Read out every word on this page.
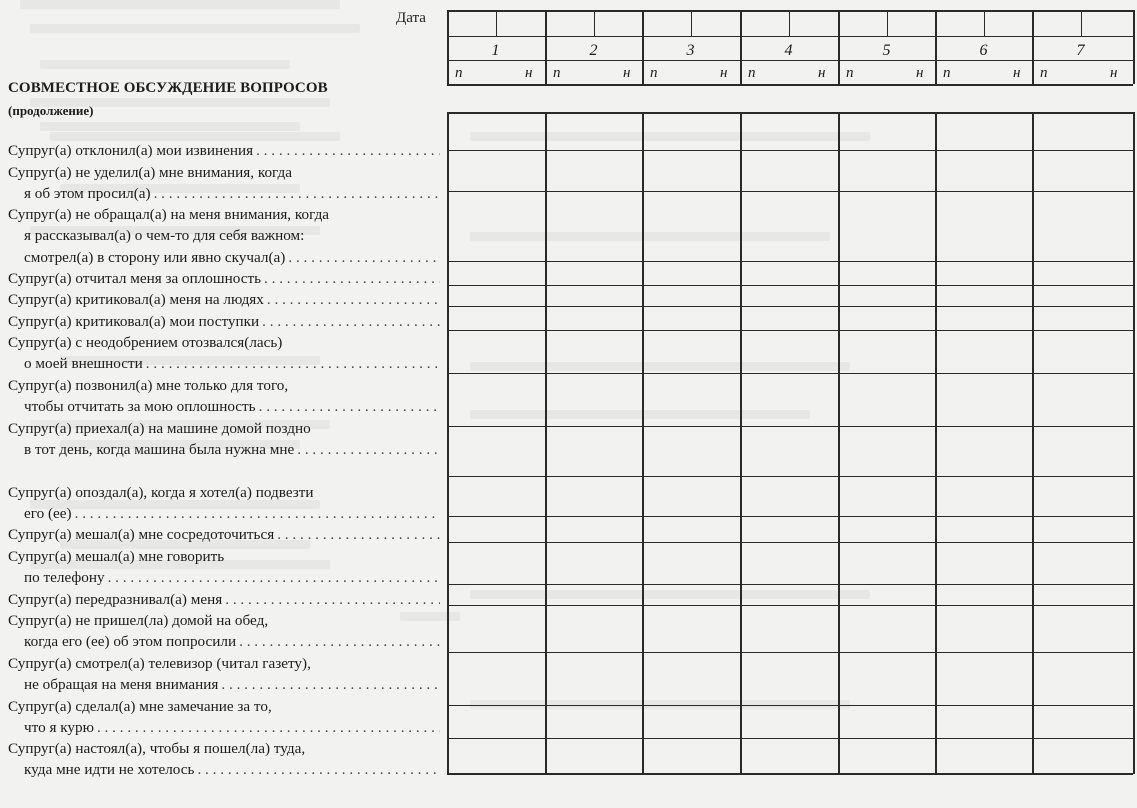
Дата
СОВМЕСТНОЕ ОБСУЖДЕНИЕ ВОПРОСОВ
(продолжение)
Супруг(а) отклонил(а) мои извинения
. . .
Супруг(а) не уделил(а) мне внимания, когда
я об этом просил(а)
. . .
Супруг(а) не обращал(а) на меня внимания, когда
я рассказывал(а) о чем-то для себя важном:
смотрел(а) в сторону или явно скучал(а)
. . .
Супруг(а) отчитал меня за оплошность
. . .
Супруг(а) критиковал(а) меня на людях
. . .
Супруг(а) критиковал(а) мои поступки
. . .
Супруг(а) с неодобрением отозвался(лась)
о моей внешности
. . .
Супруг(а) позвонил(а) мне только для того,
чтобы отчитать за мою оплошность
. . .
Супруг(а) приехал(а) на машине домой поздно
в тот день, когда машина была нужна мне
. . .
Супруг(а) опоздал(а), когда я хотел(а) подвезти
его (ее)
. . .
Супруг(а) мешал(а) мне сосредоточиться
. . .
Супруг(а) мешал(а) мне говорить
по телефону
. . .
Супруг(а) передразнивал(а) меня
. . .
Супруг(а) не пришел(ла) домой на обед,
когда его (ее) об этом попросили
. . .
Супруг(а) смотрел(а) телевизор (читал газету),
не обращая на меня внимания
. . .
Супруг(а) сделал(а) мне замечание за то,
что я курю
. . .
Супруг(а) настоял(а), чтобы я пошел(ла) туда,
куда мне идти не хотелось
. . .
1
п	н
2
п	н
3
п	н
4
п	н
5
п	н
6
п	н
7
п	н
